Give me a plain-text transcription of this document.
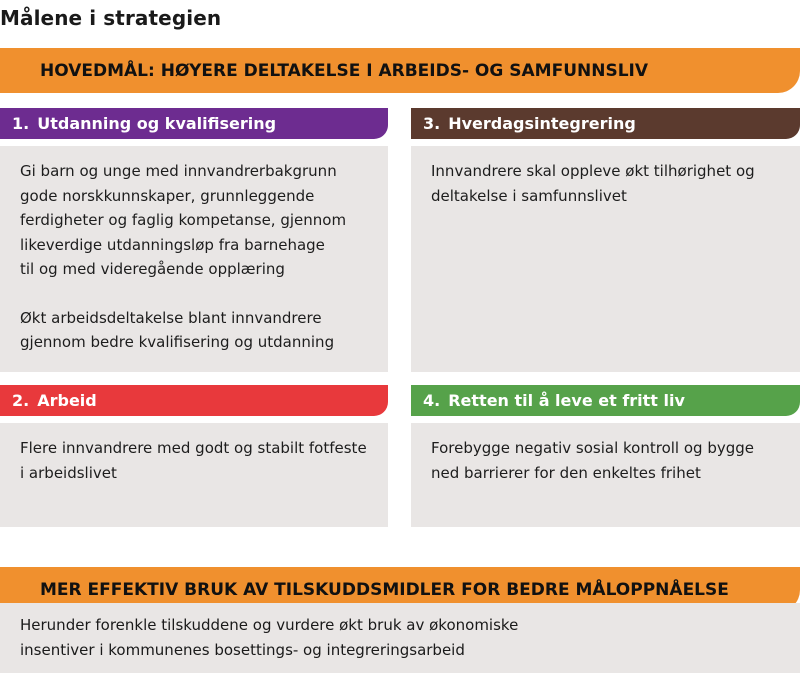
Målene i strategien
HOVEDMÅL: HØYERE DELTAKELSE I ARBEIDS- OG SAMFUNNSLIV
1. Utdanning og kvalifisering

Gi barn og unge med innvandrerbakgrunn
gode norskkunnskaper, grunnleggende
ferdigheter og faglig kompetanse, gjennom
likeverdige utdanningsløp fra barnehage
til og med videregående opplæring

Økt arbeidsdeltakelse blant innvandrere
gjennom bedre kvalifisering og utdanning

3. Hverdagsintegrering

Innvandrere skal oppleve økt tilhørighet og
deltakelse i samfunnslivet

2. Arbeid

Flere innvandrere med godt og stabilt fotfeste
i arbeidslivet

4. Retten til å leve et fritt liv

Forebygge negativ sosial kontroll og bygge
ned barrierer for den enkeltes frihet

MER EFFEKTIV BRUK AV TILSKUDDSMIDLER FOR BEDRE MÅLOPPNÅELSE
Herunder forenkle tilskuddene og vurdere økt bruk av økonomiske
insentiver i kommunenes bosettings- og integreringsarbeid
